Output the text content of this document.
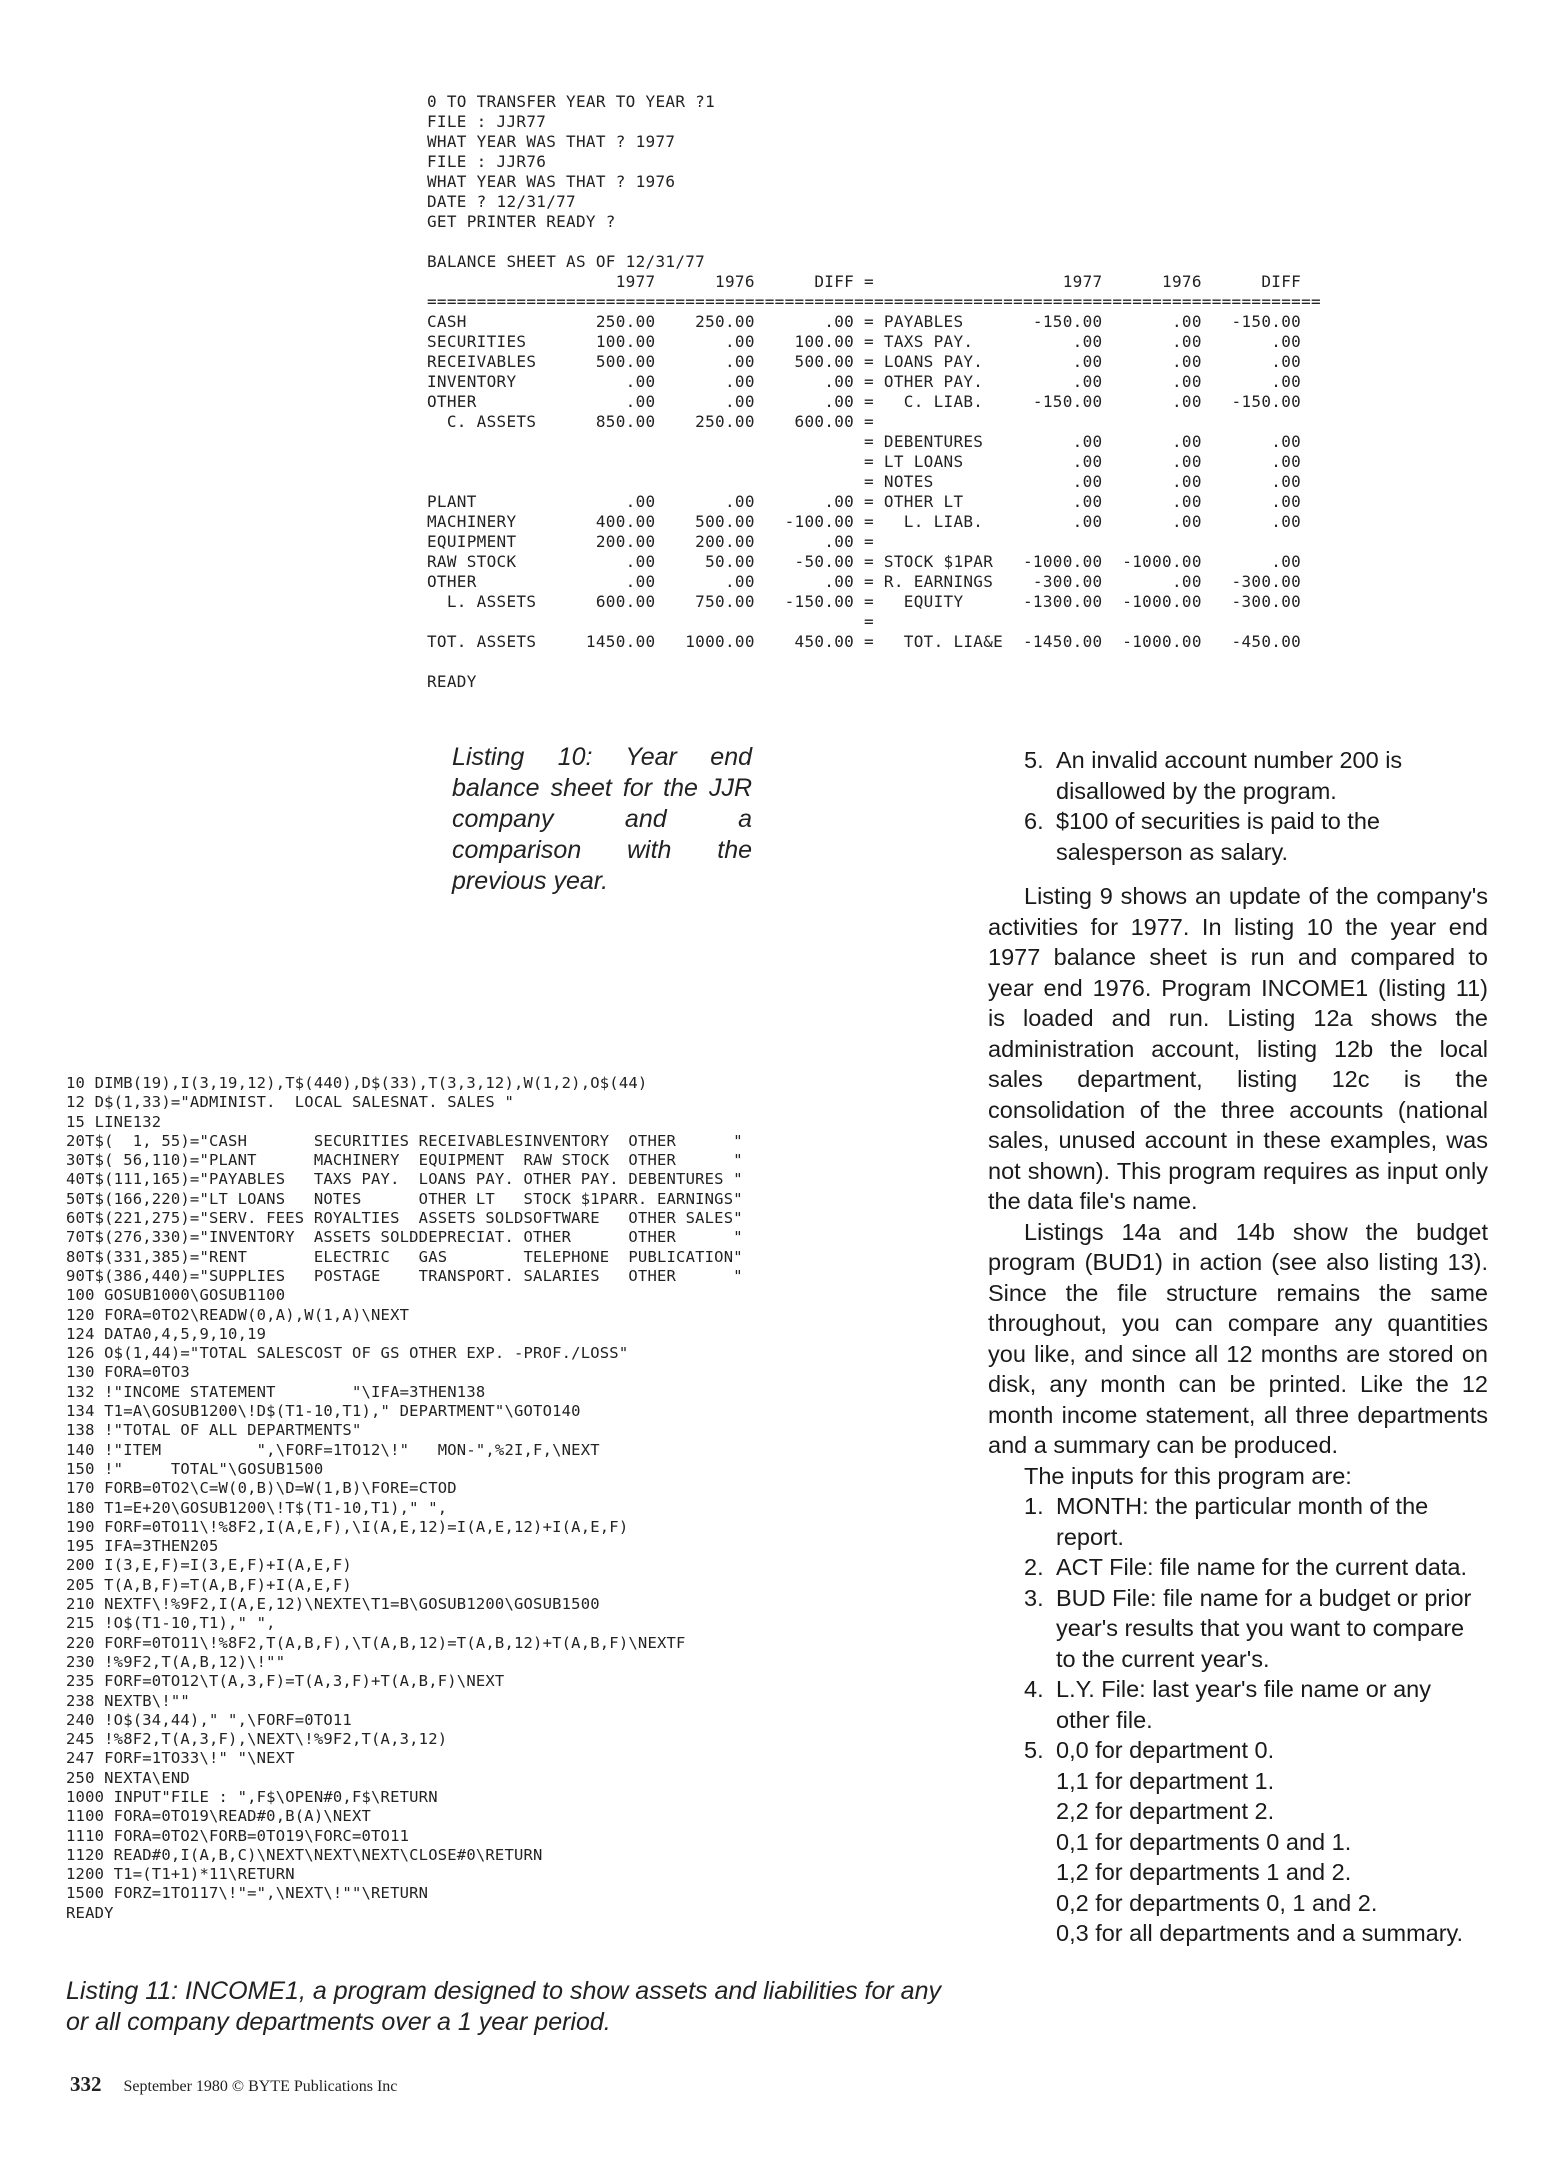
0 TO TRANSFER YEAR TO YEAR ?1
FILE : JJR77
WHAT YEAR WAS THAT ? 1977
FILE : JJR76
WHAT YEAR WAS THAT ? 1976
DATE ? 12/31/77
GET PRINTER READY ?

BALANCE SHEET AS OF 12/31/77
1977      1976      DIFF =                   1977      1976      DIFF
==========================================================================================
CASH             250.00    250.00       .00 = PAYABLES       -150.00       .00   -150.00
SECURITIES       100.00       .00    100.00 = TAXS PAY.          .00       .00       .00
RECEIVABLES      500.00       .00    500.00 = LOANS PAY.         .00       .00       .00
INVENTORY           .00       .00       .00 = OTHER PAY.         .00       .00       .00
OTHER               .00       .00       .00 =   C. LIAB.     -150.00       .00   -150.00
C. ASSETS      850.00    250.00    600.00 =
= DEBENTURES         .00       .00       .00
= LT LOANS           .00       .00       .00
= NOTES              .00       .00       .00
PLANT               .00       .00       .00 = OTHER LT           .00       .00       .00
MACHINERY        400.00    500.00   -100.00 =   L. LIAB.         .00       .00       .00
EQUIPMENT        200.00    200.00       .00 =
RAW STOCK           .00     50.00    -50.00 = STOCK $1PAR   -1000.00  -1000.00       .00
OTHER               .00       .00       .00 = R. EARNINGS    -300.00       .00   -300.00
L. ASSETS      600.00    750.00   -150.00 =   EQUITY      -1300.00  -1000.00   -300.00
=
TOT. ASSETS     1450.00   1000.00    450.00 =   TOT. LIA&E  -1450.00  -1000.00   -450.00

READY
Listing 10: Year end balance sheet for the JJR company and a comparison with the previous year.
5. An invalid account number 200 is disallowed by the program.
6. $100 of securities is paid to the salesperson as salary.

Listing 9 shows an update of the company's activities for 1977. In listing 10 the year end 1977 balance sheet is run and compared to year end 1976. Program INCOME1 (listing 11) is loaded and run. Listing 12a shows the administration account, listing 12b the local sales department, listing 12c is the consolidation of the three accounts (national sales, unused account in these examples, was not shown). This program requires as input only the data file's name.

Listings 14a and 14b show the budget program (BUD1) in action (see also listing 13). Since the file structure remains the same throughout, you can compare any quantities you like, and since all 12 months are stored on disk, any month can be printed. Like the 12 month income statement, all three departments and a summary can be produced.

The inputs for this program are:

1. MONTH: the particular month of the report.
2. ACT File: file name for the current data.
3. BUD File: file name for a budget or prior year's results that you want to compare to the current year's.
4. L.Y. File: last year's file name or any other file.
5. 0,0 for department 0.

1,1 for department 1.

2,2 for department 2.

0,1 for departments 0 and 1.

1,2 for departments 1 and 2.

0,2 for departments 0, 1 and 2.

0,3 for all departments and a summary.

10 DIMB(19),I(3,19,12),T$(440),D$(33),T(3,3,12),W(1,2),O$(44)
12 D$(1,33)="ADMINIST.  LOCAL SALESNAT. SALES "
15 LINE132
20T$(  1, 55)="CASH       SECURITIES RECEIVABLESINVENTORY  OTHER      "
30T$( 56,110)="PLANT      MACHINERY  EQUIPMENT  RAW STOCK  OTHER      "
40T$(111,165)="PAYABLES   TAXS PAY.  LOANS PAY. OTHER PAY. DEBENTURES "
50T$(166,220)="LT LOANS   NOTES      OTHER LT   STOCK $1PARR. EARNINGS"
60T$(221,275)="SERV. FEES ROYALTIES  ASSETS SOLDSOFTWARE   OTHER SALES"
70T$(276,330)="INVENTORY  ASSETS SOLDDEPRECIAT. OTHER      OTHER      "
80T$(331,385)="RENT       ELECTRIC   GAS        TELEPHONE  PUBLICATION"
90T$(386,440)="SUPPLIES   POSTAGE    TRANSPORT. SALARIES   OTHER      "
100 GOSUB1000\GOSUB1100
120 FORA=0TO2\READW(0,A),W(1,A)\NEXT
124 DATA0,4,5,9,10,19
126 O$(1,44)="TOTAL SALESCOST OF GS OTHER EXP. -PROF./LOSS"
130 FORA=0TO3
132 !"INCOME STATEMENT        "\IFA=3THEN138
134 T1=A\GOSUB1200\!D$(T1-10,T1)," DEPARTMENT"\GOTO140
138 !"TOTAL OF ALL DEPARTMENTS"
140 !"ITEM          ",\FORF=1TO12\!"   MON-",%2I,F,\NEXT
150 !"     TOTAL"\GOSUB1500
170 FORB=0TO2\C=W(0,B)\D=W(1,B)\FORE=CTOD
180 T1=E+20\GOSUB1200\!T$(T1-10,T1)," ",
190 FORF=0TO11\!%8F2,I(A,E,F),\I(A,E,12)=I(A,E,12)+I(A,E,F)
195 IFA=3THEN205
200 I(3,E,F)=I(3,E,F)+I(A,E,F)
205 T(A,B,F)=T(A,B,F)+I(A,E,F)
210 NEXTF\!%9F2,I(A,E,12)\NEXTE\T1=B\GOSUB1200\GOSUB1500
215 !O$(T1-10,T1)," ",
220 FORF=0TO11\!%8F2,T(A,B,F),\T(A,B,12)=T(A,B,12)+T(A,B,F)\NEXTF
230 !%9F2,T(A,B,12)\!""
235 FORF=0TO12\T(A,3,F)=T(A,3,F)+T(A,B,F)\NEXT
238 NEXTB\!""
240 !O$(34,44)," ",\FORF=0TO11
245 !%8F2,T(A,3,F),\NEXT\!%9F2,T(A,3,12)
247 FORF=1TO33\!" "\NEXT
250 NEXTA\END
1000 INPUT"FILE : ",F$\OPEN#0,F$\RETURN
1100 FORA=0TO19\READ#0,B(A)\NEXT
1110 FORA=0TO2\FORB=0TO19\FORC=0TO11
1120 READ#0,I(A,B,C)\NEXT\NEXT\NEXT\CLOSE#0\RETURN
1200 T1=(T1+1)*11\RETURN
1500 FORZ=1TO117\!"=",\NEXT\!""\RETURN
READY
Listing 11: INCOME1, a program designed to show assets and liabilities for any or all company departments over a 1 year period.
332 September 1980 © BYTE Publications Inc
